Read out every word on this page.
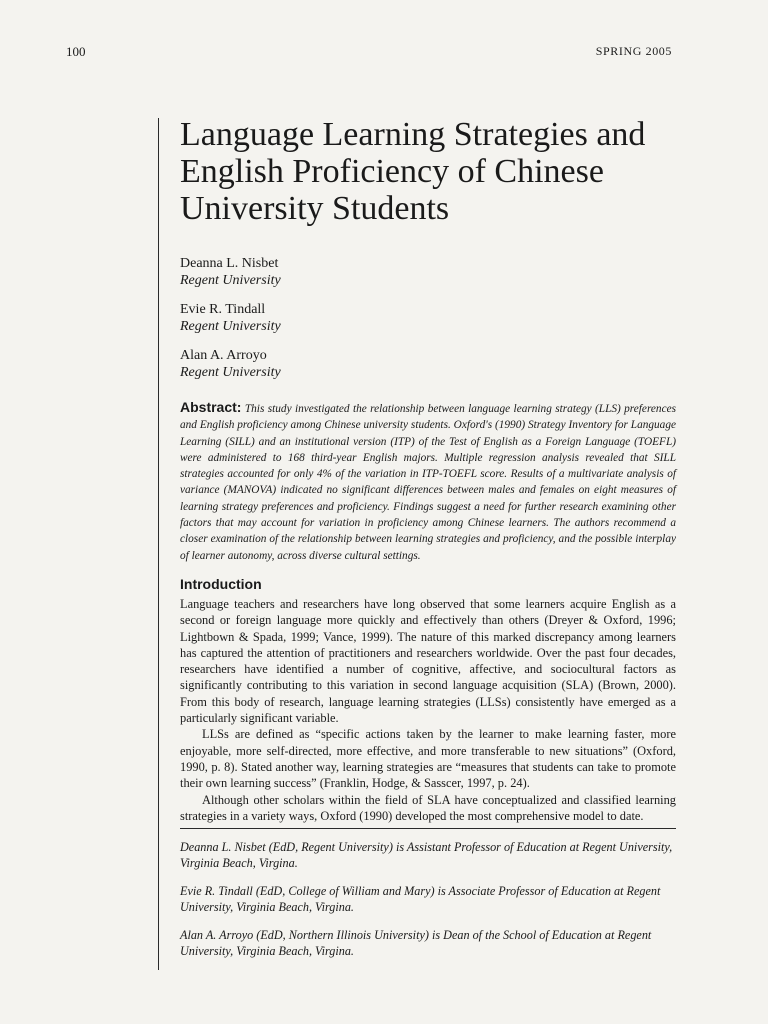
100	SPRING 2005
Language Learning Strategies and English Proficiency of Chinese University Students
Deanna L. Nisbet
Regent University
Evie R. Tindall
Regent University
Alan A. Arroyo
Regent University

Abstract: This study investigated the relationship between language learning strategy (LLS) preferences and English proficiency among Chinese university students. Oxford's (1990) Strategy Inventory for Language Learning (SILL) and an institutional version (ITP) of the Test of English as a Foreign Language (TOEFL) were administered to 168 third-year English majors. Multiple regression analysis revealed that SILL strategies accounted for only 4% of the variation in ITP-TOEFL score. Results of a multivariate analysis of variance (MANOVA) indicated no significant differences between males and females on eight measures of learning strategy preferences and proficiency. Findings suggest a need for further research examining other factors that may account for variation in proficiency among Chinese learners. The authors recommend a closer examination of the relationship between learning strategies and proficiency, and the possible interplay of learner autonomy, across diverse cultural settings.

Introduction

Language teachers and researchers have long observed that some learners acquire English as a second or foreign language more quickly and effectively than others (Dreyer & Oxford, 1996; Lightbown & Spada, 1999; Vance, 1999). The nature of this marked discrepancy among learners has captured the attention of practitioners and researchers worldwide. Over the past four decades, researchers have identified a number of cognitive, affective, and sociocultural factors as significantly contributing to this variation in second language acquisition (SLA) (Brown, 2000). From this body of research, language learning strategies (LLSs) consistently have emerged as a particularly significant variable.

LLSs are defined as “specific actions taken by the learner to make learning faster, more enjoyable, more self-directed, more effective, and more transferable to new situations” (Oxford, 1990, p. 8). Stated another way, learning strategies are “measures that students can take to promote their own learning success” (Franklin, Hodge, & Sasscer, 1997, p. 24).

Although other scholars within the field of SLA have conceptualized and classified learning strategies in a variety ways, Oxford (1990) developed the most comprehensive model to date.

Deanna L. Nisbet (EdD, Regent University) is Assistant Professor of Education at Regent University, Virginia Beach, Virgina.

Evie R. Tindall (EdD, College of William and Mary) is Associate Professor of Education at Regent University, Virginia Beach, Virgina.

Alan A. Arroyo (EdD, Northern Illinois University) is Dean of the School of Education at Regent University, Virginia Beach, Virgina.
